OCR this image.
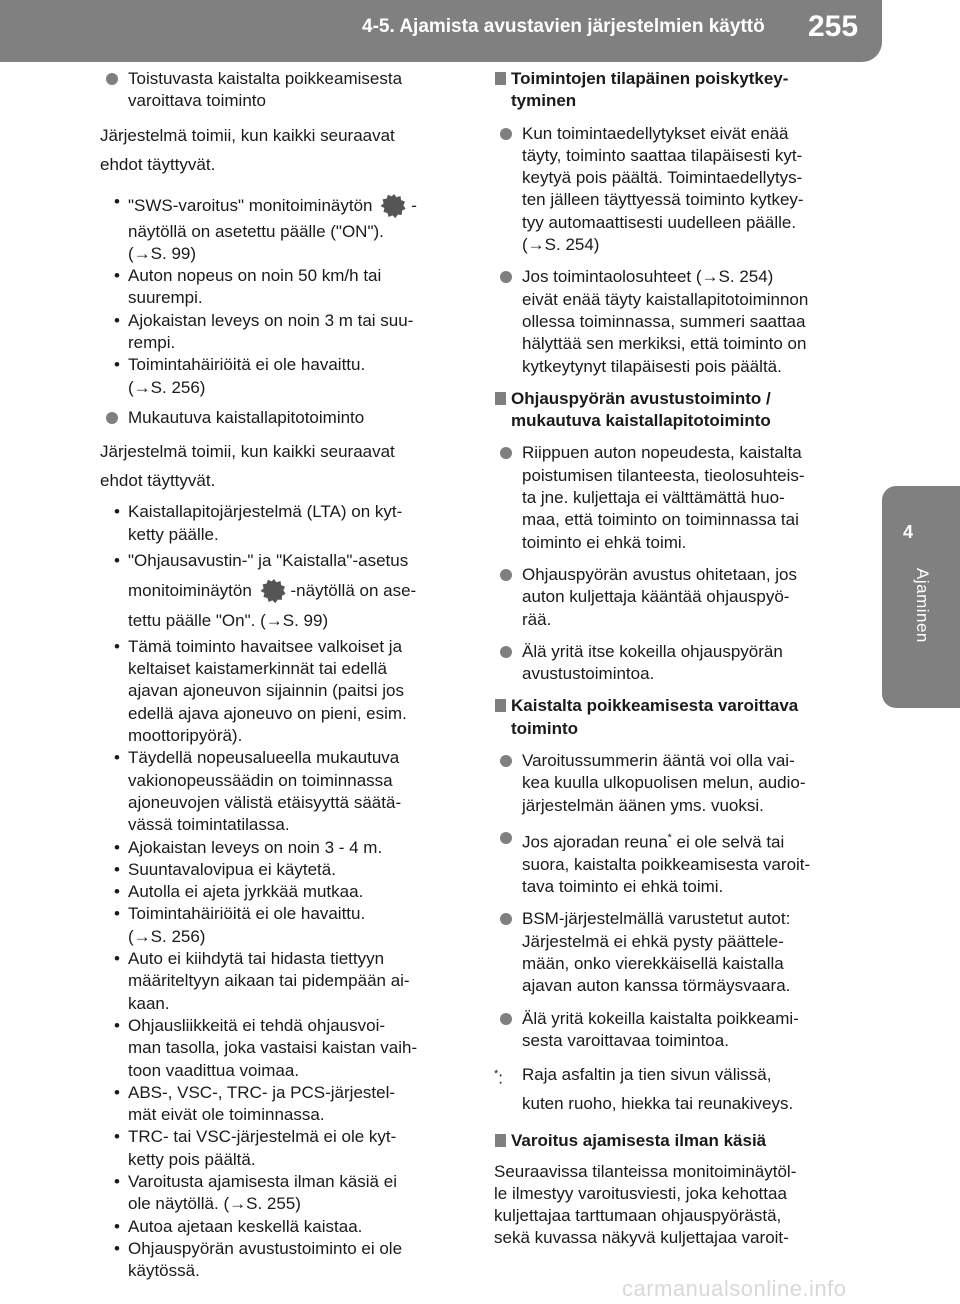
4-5. Ajamista avustavien järjestelmien käyttö 255
4
Ajaminen
Toistuvasta kaistalta poikkeamisesta
varoittava toiminto

Järjestelmä toimii, kun kaikki seuraavat
ehdot täyttyvät.

• "SWS-varoitus" monitoiminäytön -
näytöllä on asetettu päälle ("ON").
(→S. 99)
• Auton nopeus on noin 50 km/h tai
suurempi.
• Ajokaistan leveys on noin 3 m tai suu-
rempi.
• Toimintahäiriöitä ei ole havaittu.
(→S. 256)
Mukautuva kaistallapitotoiminto

Järjestelmä toimii, kun kaikki seuraavat
ehdot täyttyvät.

• Kaistallapitojärjestelmä (LTA) on kyt-
ketty päälle.
• "Ohjausavustin-" ja "Kaistalla"-asetus
monitoiminäytön -näytöllä on ase-
tettu päälle "On". (→S. 99)
• Tämä toiminto havaitsee valkoiset ja
keltaiset kaistamerkinnät tai edellä
ajavan ajoneuvon sijainnin (paitsi jos
edellä ajava ajoneuvo on pieni, esim.
moottoripyörä).
• Täydellä nopeusalueella mukautuva
vakionopeussäädin on toiminnassa
ajoneuvojen välistä etäisyyttä säätä-
vässä toimintatilassa.
• Ajokaistan leveys on noin 3 - 4 m.
• Suuntavalovipua ei käytetä.
• Autolla ei ajeta jyrkkää mutkaa.
• Toimintahäiriöitä ei ole havaittu.
(→S. 256)
• Auto ei kiihdytä tai hidasta tiettyyn
määriteltyyn aikaan tai pidempään ai-
kaan.
• Ohjausliikkeitä ei tehdä ohjausvoi-
man tasolla, joka vastaisi kaistan vaih-
toon vaadittua voimaa.
• ABS-, VSC-, TRC- ja PCS-järjestel-
mät eivät ole toiminnassa.
• TRC- tai VSC-järjestelmä ei ole kyt-
ketty pois päältä.
• Varoitusta ajamisesta ilman käsiä ei
ole näytöllä. (→S. 255)
• Autoa ajetaan keskellä kaistaa.
• Ohjauspyörän avustustoiminto ei ole
käytössä.
Toimintojen tilapäinen poiskytkey-
tyminen
Kun toimintaedellytykset eivät enää
täyty, toiminto saattaa tilapäisesti kyt-
keytyä pois päältä. Toimintaedellytys-
ten jälleen täyttyessä toiminto kytkey-
tyy automaattisesti uudelleen päälle.
(→S. 254)
Jos toimintaolosuhteet (→S. 254)
eivät enää täyty kaistallapitotoiminnon
ollessa toiminnassa, summeri saattaa
hälyttää sen merkiksi, että toiminto on
kytkeytynyt tilapäisesti pois päältä.
Ohjauspyörän avustustoiminto /
mukautuva kaistallapitotoiminto
Riippuen auton nopeudesta, kaistalta
poistumisen tilanteesta, tieolosuhteis-
ta jne. kuljettaja ei välttämättä huo-
maa, että toiminto on toiminnassa tai
toiminto ei ehkä toimi.
Ohjauspyörän avustus ohitetaan, jos
auton kuljettaja kääntää ohjauspyö-
rää.
Älä yritä itse kokeilla ohjauspyörän
avustustoimintoa.
Kaistalta poikkeamisesta varoittava
toiminto
Varoitussummerin ääntä voi olla vai-
kea kuulla ulkopuolisen melun, audio-
järjestelmän äänen yms. vuoksi.
Jos ajoradan reuna* ei ole selvä tai
suora, kaistalta poikkeamisesta varoit-
tava toiminto ei ehkä toimi.
BSM-järjestelmällä varustetut autot:
Järjestelmä ei ehkä pysty päättele-
mään, onko vierekkäisellä kaistalla
ajavan auton kanssa törmäysvaara.
Älä yritä kokeilla kaistalta poikkeami-
sesta varoittavaa toimintoa.
*: Raja asfaltin ja tien sivun välissä,
kuten ruoho, hiekka tai reunakiveys.
Varoitus ajamisesta ilman käsiä

Seuraavissa tilanteissa monitoiminäytöl-
le ilmestyy varoitusviesti, joka kehottaa
kuljettajaa tarttumaan ohjauspyörästä,
sekä kuvassa näkyvä kuljettajaa varoit-

carmanualsonline.info
